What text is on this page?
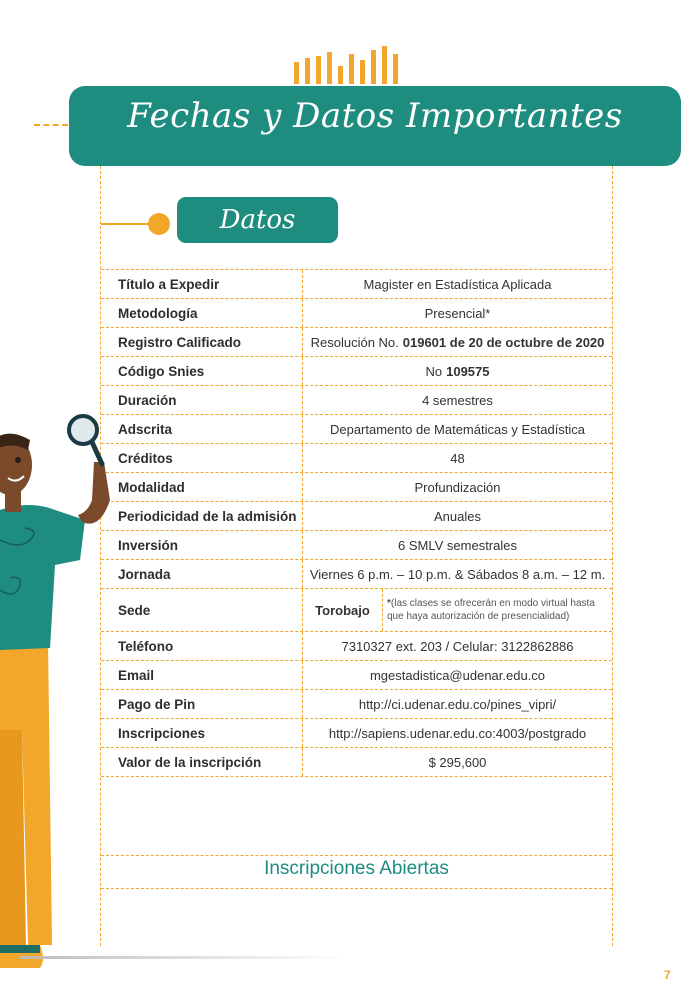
Fechas y Datos Importantes
Datos
Título a Expedir	Magister en Estadística Aplicada
Metodología	Presencial*
Registro Calificado	Resolución No. 019601 de 20 de octubre de 2020
Código Snies	No 109575
Duración	4 semestres
Adscrita	Departamento de Matemáticas y Estadística
Créditos	48
Modalidad	Profundización
Periodicidad de la admisión	Anuales
Inversión	6 SMLV semestrales
Jornada	Viernes 6 p.m. – 10 p.m. & Sábados 8 a.m. – 12 m.
Sede	Torobajo	*(las clases se ofrecerán en modo virtual hasta que haya autorización de presencialidad)
Teléfono	7310327 ext. 203 / Celular: 3122862886
Email	mgestadistica@udenar.edu.co
Pago de Pin	http://ci.udenar.edu.co/pines_vipri/
Inscripciones	http://sapiens.udenar.edu.co:4003/postgrado
Valor de la inscripción	$ 295,600
Inscripciones Abiertas
7
